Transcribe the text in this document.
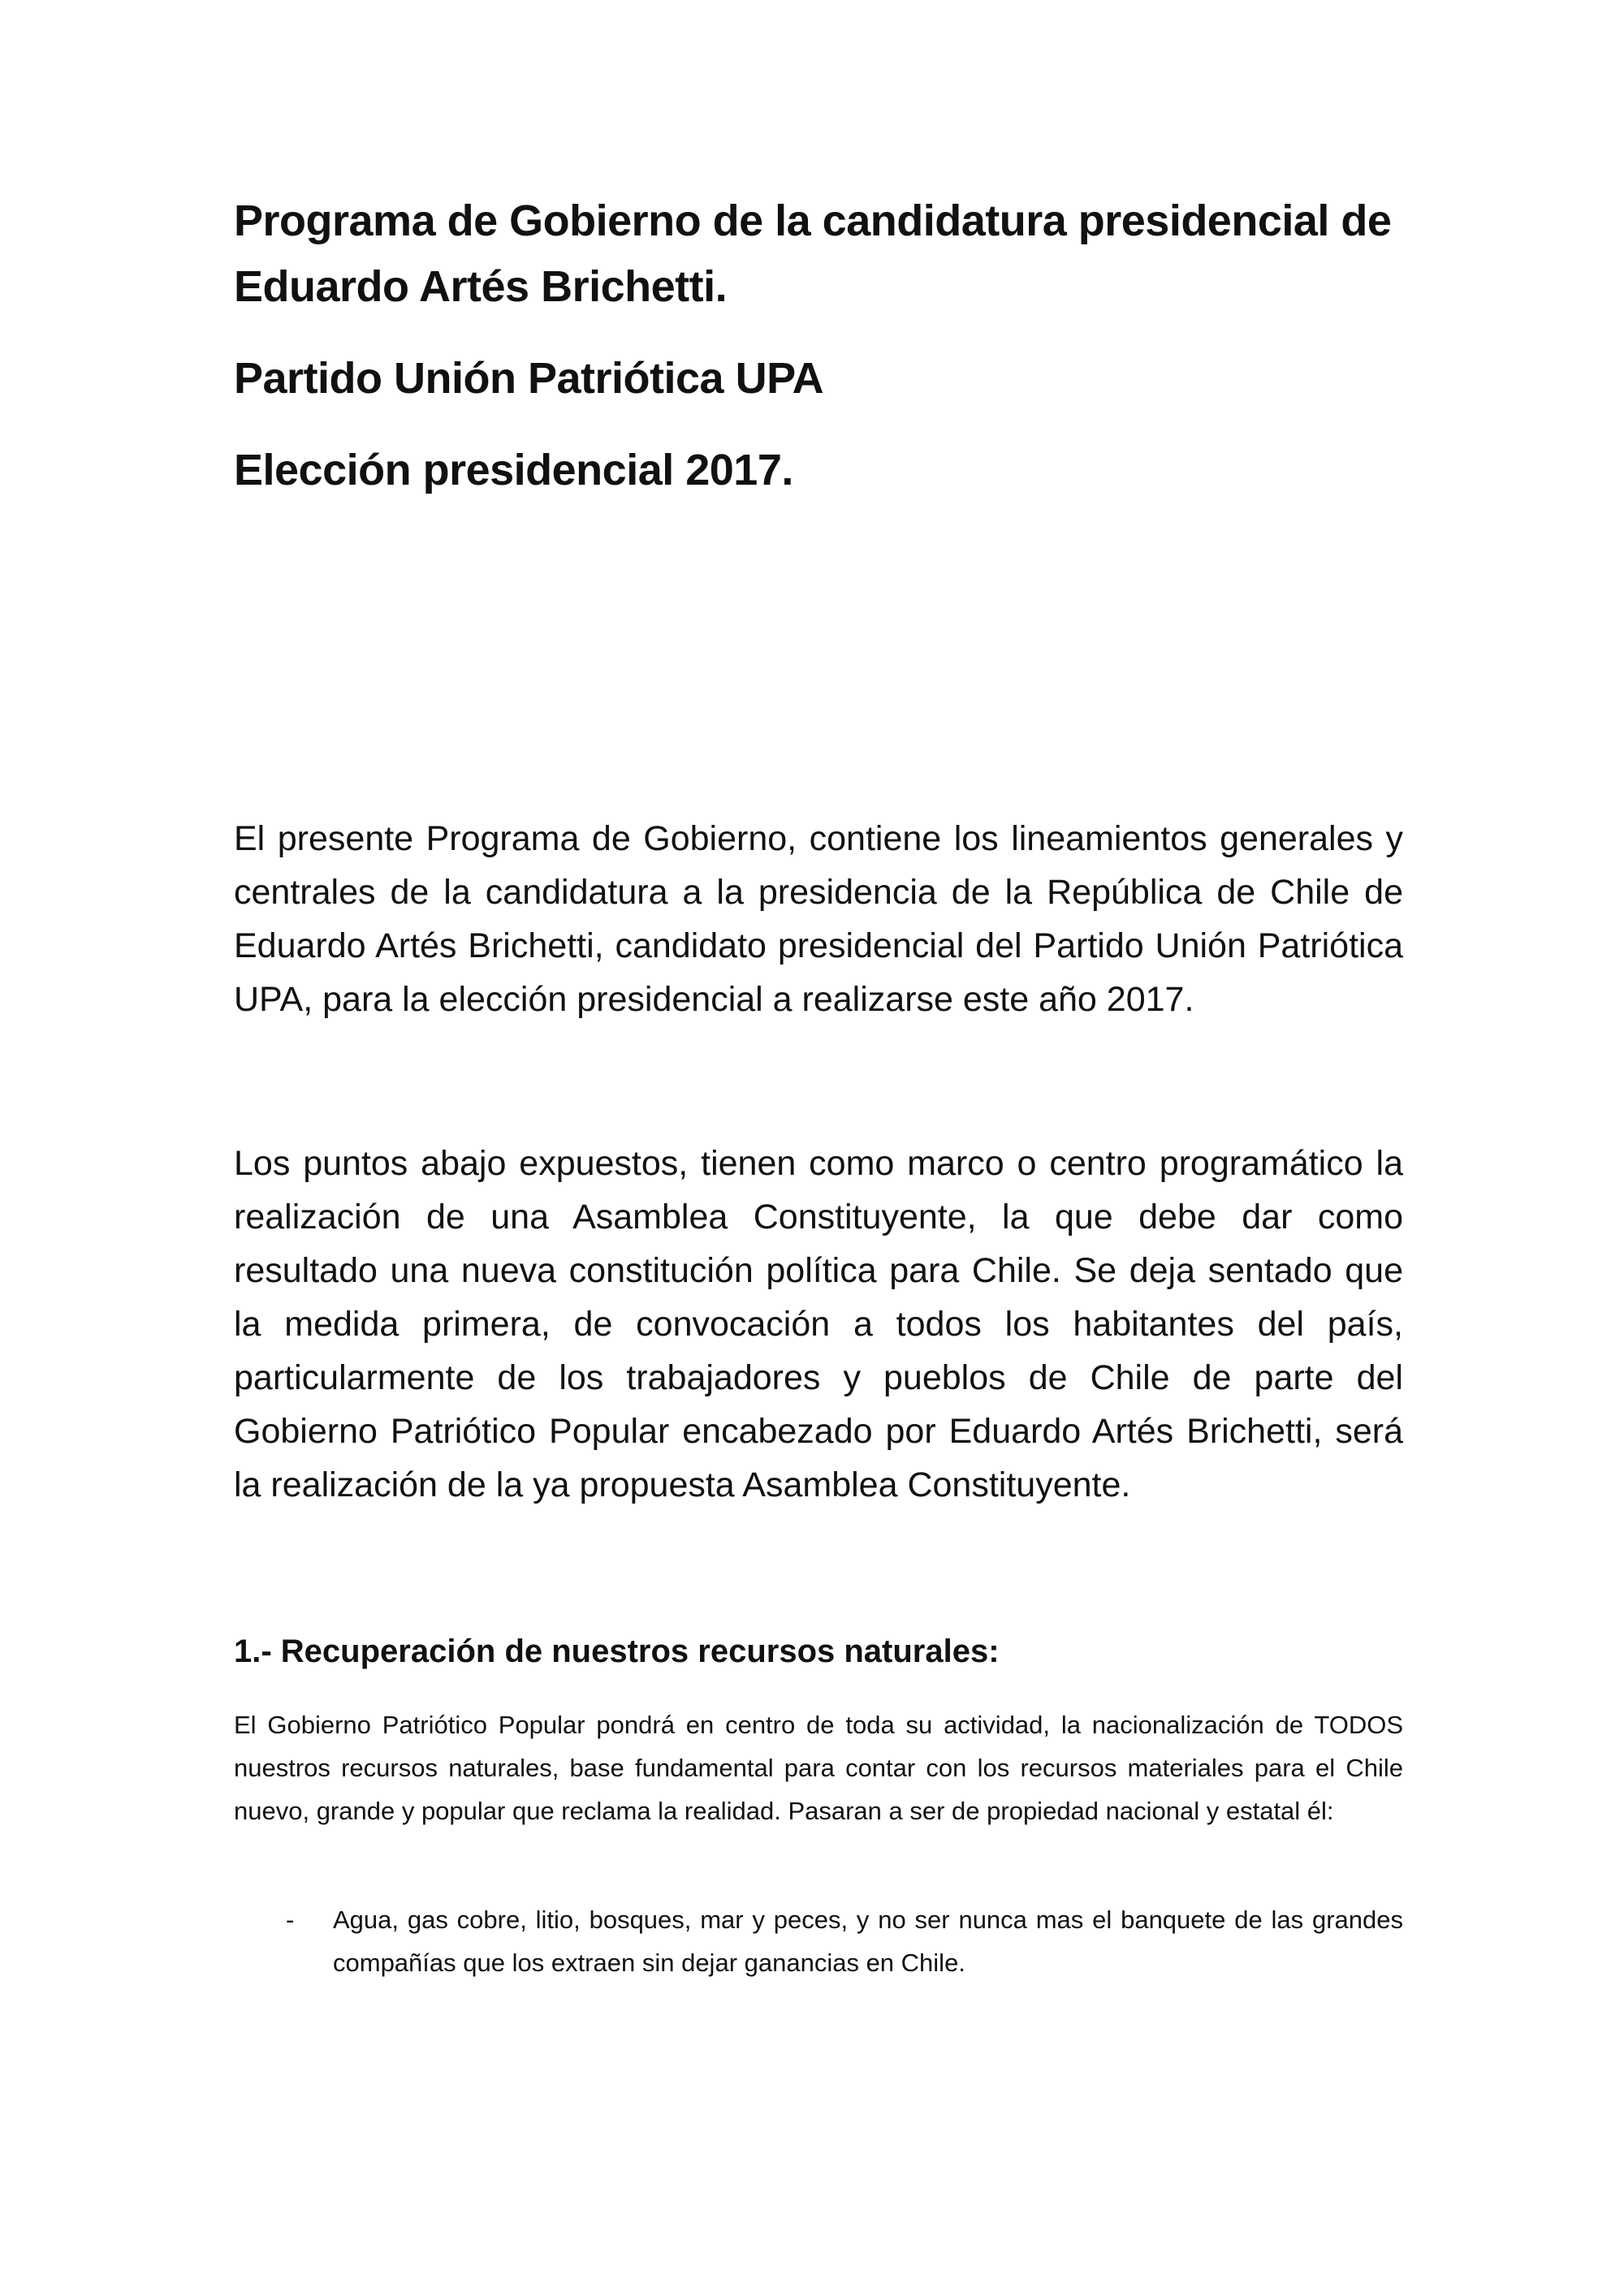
Programa de Gobierno de la candidatura presidencial de

Eduardo Artés Brichetti.

Partido Unión Patriótica UPA

Elección presidencial 2017.

El presente Programa de Gobierno, contiene los lineamientos generales y centrales de la candidatura a la presidencia de la República de Chile de Eduardo Artés Brichetti, candidato presidencial del Partido Unión Patriótica UPA, para la elección presidencial a realizarse este año 2017.

Los puntos abajo expuestos, tienen como marco o centro programático la realización de una Asamblea Constituyente, la que debe dar como resultado una nueva constitución política para Chile. Se deja sentado que la medida primera, de convocación a todos los habitantes del país, particularmente de los trabajadores y pueblos de Chile de parte del Gobierno Patriótico Popular encabezado por Eduardo Artés Brichetti, será la realización de la ya propuesta Asamblea Constituyente.

1.- Recuperación de nuestros recursos naturales:

El Gobierno Patriótico Popular pondrá en centro de toda su actividad, la nacionalización de TODOS nuestros recursos naturales, base fundamental para contar con los recursos materiales para el Chile nuevo, grande y popular que reclama la realidad. Pasaran a ser de propiedad nacional y estatal él:

- Agua, gas cobre, litio, bosques, mar y peces, y no ser nunca mas el banquete de las grandes compañías que los extraen sin dejar ganancias en Chile.
